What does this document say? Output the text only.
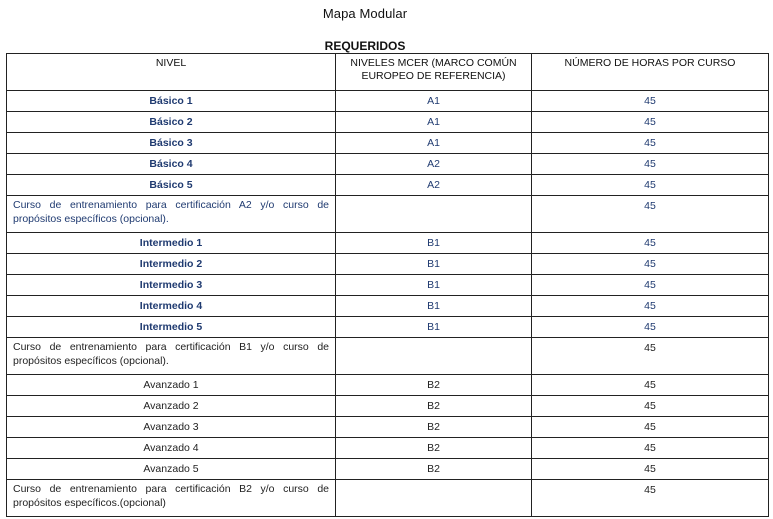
Mapa Modular
REQUERIDOS
NIVEL	NIVELES MCER (MARCO COMÚN EUROPEO DE REFERENCIA)	NÚMERO DE HORAS POR CURSO
Básico 1	A1	45
Básico 2	A1	45
Básico 3	A1	45
Básico 4	A2	45
Básico 5	A2	45
Curso de entrenamiento para certificación A2 y/o curso de propósitos específicos (opcional).		45
Intermedio 1	B1	45
Intermedio 2	B1	45
Intermedio 3	B1	45
Intermedio 4	B1	45
Intermedio 5	B1	45
Curso de entrenamiento para certificación B1 y/o curso de propósitos específicos (opcional).		45
Avanzado 1	B2	45
Avanzado 2	B2	45
Avanzado 3	B2	45
Avanzado 4	B2	45
Avanzado 5	B2	45
Curso de entrenamiento para certificación B2 y/o curso de propósitos específicos.(opcional)		45
